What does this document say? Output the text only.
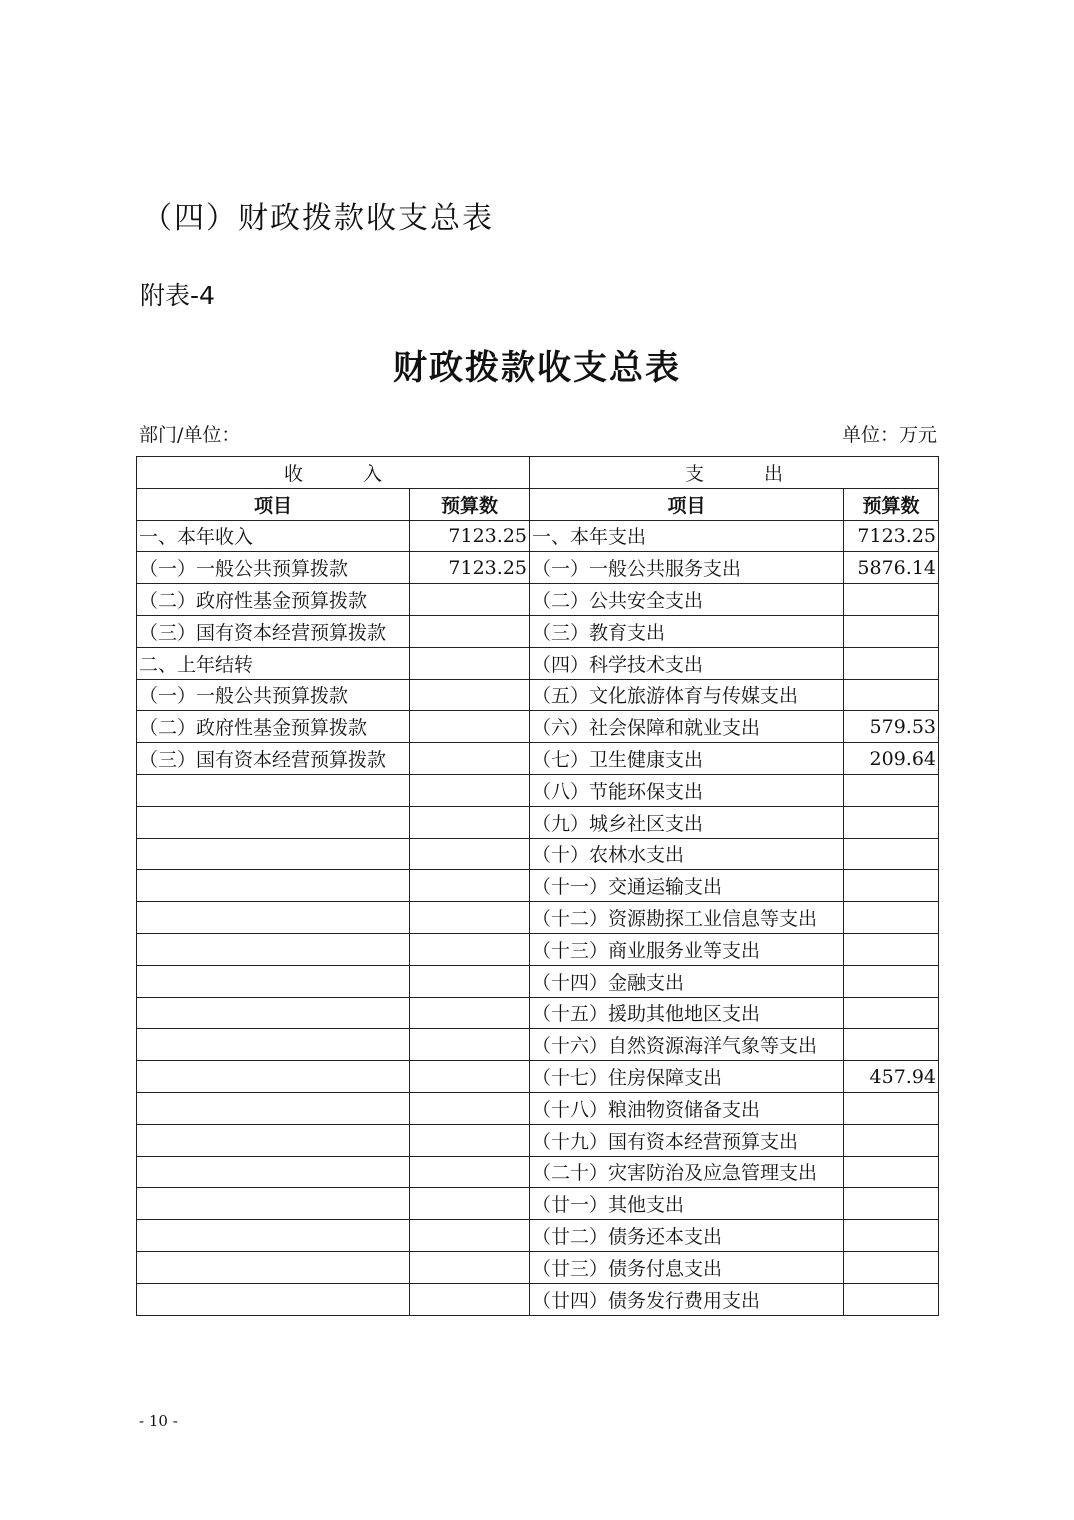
（四）财政拨款收支总表
附表-4
财政拨款收支总表
部门/单位：	单位：万元
收 入		支 出	
项目	预算数	项目	预算数
一、本年收入	7123.25	一、本年支出	7123.25
（一）一般公共预算拨款	7123.25	（一）一般公共服务支出	5876.14
（二）政府性基金预算拨款		（二）公共安全支出	
（三）国有资本经营预算拨款		（三）教育支出	
二、上年结转		（四）科学技术支出	
（一）一般公共预算拨款		（五）文化旅游体育与传媒支出	
（二）政府性基金预算拨款		（六）社会保障和就业支出	579.53
（三）国有资本经营预算拨款		（七）卫生健康支出	209.64
		（八）节能环保支出	
		（九）城乡社区支出	
		（十）农林水支出	
		（十一）交通运输支出	
		（十二）资源勘探工业信息等支出	
		（十三）商业服务业等支出	
		（十四）金融支出	
		（十五）援助其他地区支出	
		（十六）自然资源海洋气象等支出	
		（十七）住房保障支出	457.94
		（十八）粮油物资储备支出	
		（十九）国有资本经营预算支出	
		（二十）灾害防治及应急管理支出	
		（廿一）其他支出	
		（廿二）债务还本支出	
		（廿三）债务付息支出	
		（廿四）债务发行费用支出	
- 10 -
